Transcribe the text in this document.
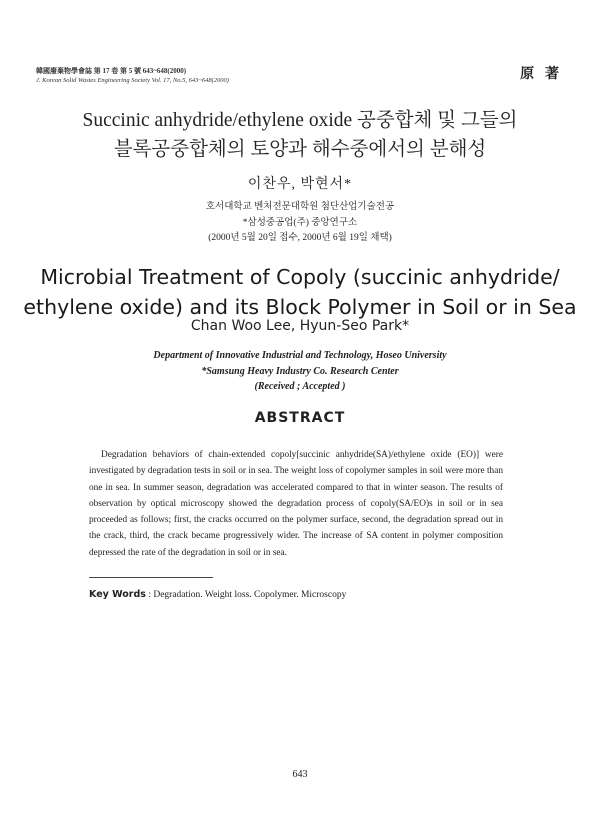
韓國廢棄物學會誌 第 17 卷 第 5 號 643~648(2000)
J. Korean Solid Wastes Engineering Society Vol. 17, No.5, 643~648(2000)	原 著
Succinic anhydride/ethylene oxide 공중합체 및 그들의
블록공중합체의 토양과 해수중에서의 분해성
이찬우, 박현서*
호서대학교 벤처전문대학원 첨단산업기술전공
*삼성중공업(주) 중앙연구소
(2000년 5월 20일 접수, 2000년 6월 19일 채택)
Microbial Treatment of Copoly (succinic anhydride/
ethylene oxide) and its Block Polymer in Soil or in Sea
Chan Woo Lee, Hyun-Seo Park*
Department of Innovative Industrial and Technology, Hoseo University
*Samsung Heavy Industry Co. Research Center
(Received ; Accepted )
ABSTRACT
Degradation behaviors of chain-extended copoly[succinic anhydride(SA)/ethylene oxide (EO)] were investigated by degradation tests in soil or in sea. The weight loss of copolymer samples in soil were more than one in sea. In summer season, degradation was accelerated compared to that in winter season. The results of observation by optical microscopy showed the degradation process of copoly(SA/EO)s in soil or in sea proceeded as follows; first, the cracks occurred on the polymer surface, second, the degradation spread out in the crack, third, the crack became progressively wider. The increase of SA content in polymer composition depressed the rate of the degradation in soil or in sea.
Key Words : Degradation. Weight loss. Copolymer. Microscopy
643
